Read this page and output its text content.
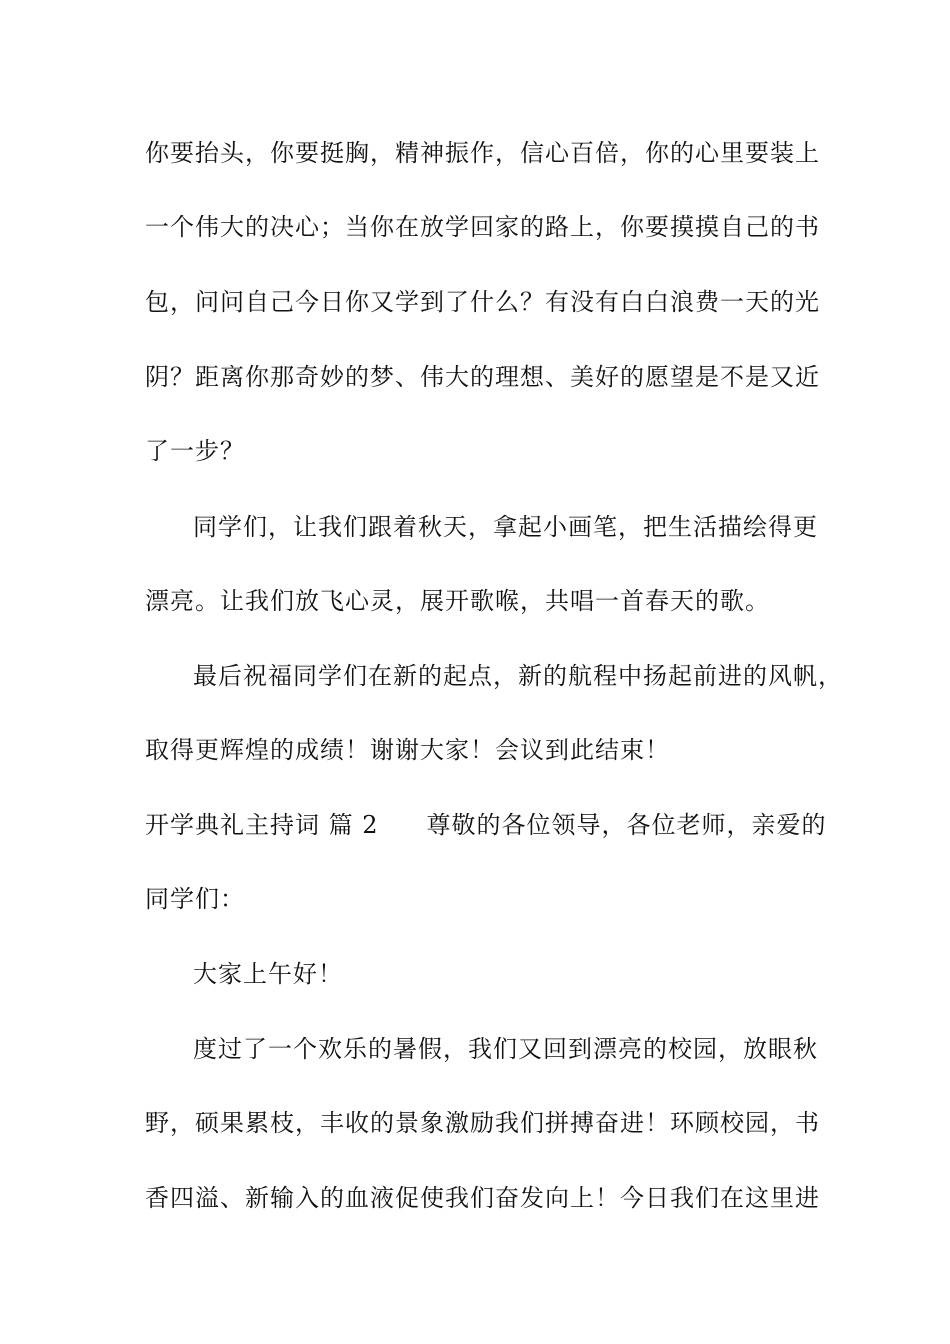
你要抬头，你要挺胸，精神振作，信心百倍，你的心里要装上
一个伟大的决心；当你在放学回家的路上，你要摸摸自己的书
包，问问自己今日你又学到了什么？有没有白白浪费一天的光
阴？距离你那奇妙的梦、伟大的理想、美好的愿望是不是又近
了一步？
同学们，让我们跟着秋天，拿起小画笔，把生活描绘得更
漂亮。让我们放飞心灵，展开歌喉，共唱一首春天的歌。
最后祝福同学们在新的起点，新的航程中扬起前进的风帆，
取得更辉煌的成绩！谢谢大家！会议到此结束！
开学典礼主持词 篇 2 尊敬的各位领导，各位老师，亲爱的
同学们：
大家上午好！
度过了一个欢乐的暑假，我们又回到漂亮的校园，放眼秋
野，硕果累枝，丰收的景象激励我们拼搏奋进！环顾校园，书
香四溢、新输入的血液促使我们奋发向上！今日我们在这里进
